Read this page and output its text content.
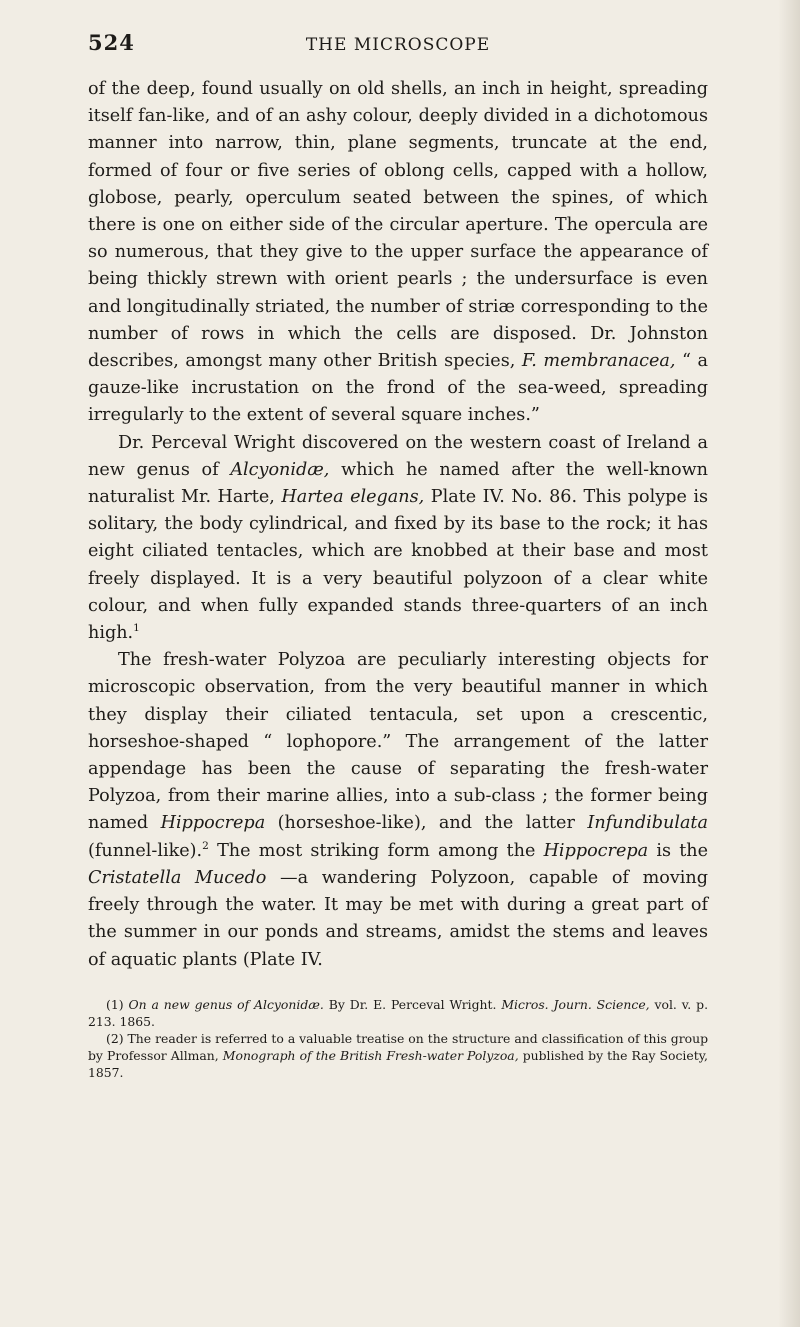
524	THE MICROSCOPE

of the deep, found usually on old shells, an inch in height, spreading itself fan-like, and of an ashy colour, deeply divided in a dichotomous manner into narrow, thin, plane segments, truncate at the end, formed of four or five series of oblong cells, capped with a hollow, globose, pearly, operculum seated between the spines, of which there is one on either side of the circular aperture. The opercula are so numerous, that they give to the upper surface the appearance of being thickly strewn with orient pearls ; the undersurface is even and longitudinally striated, the number of striæ corresponding to the number of rows in which the cells are disposed. Dr. Johnston describes, amongst many other British species, F. membranacea, “ a gauze-like incrustation on the frond of the sea-weed, spreading irregularly to the extent of several square inches.”

Dr. Perceval Wright discovered on the western coast of Ireland a new genus of Alcyonidæ, which he named after the well-known naturalist Mr. Harte, Hartea elegans, Plate IV. No. 86. This polype is solitary, the body cylindrical, and fixed by its base to the rock; it has eight ciliated tentacles, which are knobbed at their base and most freely displayed. It is a very beautiful polyzoon of a clear white colour, and when fully expanded stands three-quarters of an inch high.$^1$

The fresh-water Polyzoa are peculiarly interesting objects for microscopic observation, from the very beautiful manner in which they display their ciliated tentacula, set upon a crescentic, horseshoe-shaped “ lophopore.” The arrangement of the latter appendage has been the cause of separating the fresh-water Polyzoa, from their marine allies, into a sub-class ; the former being named Hippocrepa (horseshoe-like), and the latter Infundibulata (funnel-like).$^2$ The most striking form among the Hippocrepa is the Cristatella Mucedo —a wandering Polyzoon, capable of moving freely through the water. It may be met with during a great part of the summer in our ponds and streams, amidst the stems and leaves of aquatic plants (Plate IV.

(1) On a new genus of Alcyonidæ. By Dr. E. Perceval Wright. Micros. Journ. Science, vol. v. p. 213. 1865.

(2) The reader is referred to a valuable treatise on the structure and classification of this group by Professor Allman, Monograph of the British Fresh-water Polyzoa, published by the Ray Society, 1857.
